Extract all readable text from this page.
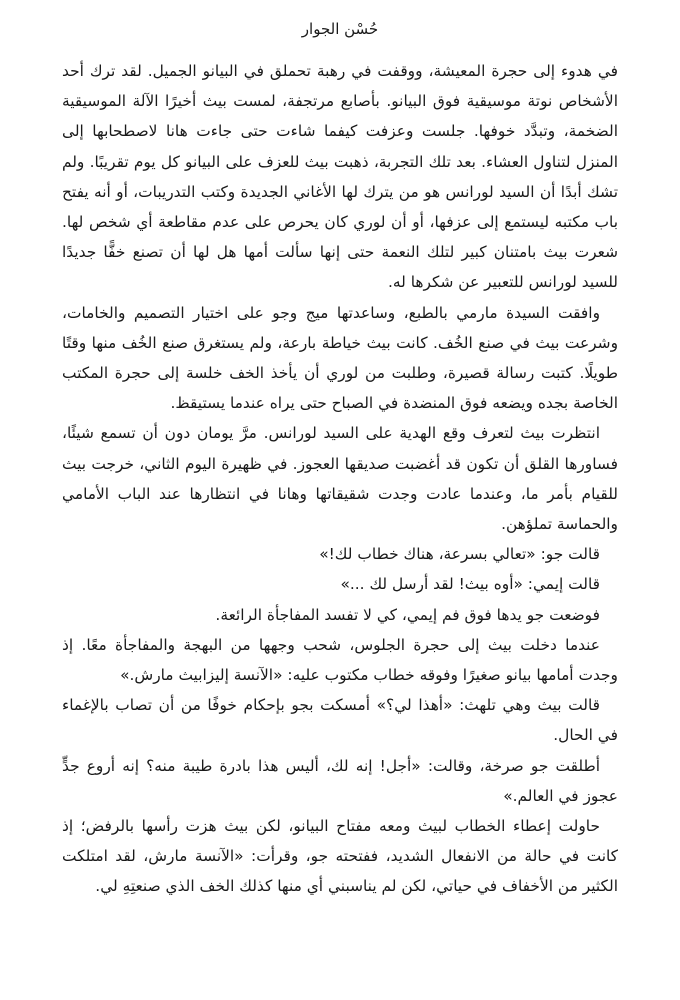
حُسْن الجوار

في هدوء إلى حجرة المعيشة، ووقفت في رهبة تحملق في البيانو الجميل. لقد ترك أحد الأشخاص نوتة موسيقية فوق البيانو. بأصابع مرتجفة، لمست بيث أخيرًا الآلة الموسيقية الضخمة، وتبدَّد خوفها. جلست وعزفت كيفما شاءت حتى جاءت هانا لاصطحابها إلى المنزل لتناول العشاء. بعد تلك التجربة، ذهبت بيث للعزف على البيانو كل يوم تقريبًا. ولم تشك أبدًا أن السيد لورانس هو من يترك لها الأغاني الجديدة وكتب التدريبات، أو أنه يفتح باب مكتبه ليستمع إلى عزفها، أو أن لوري كان يحرص على عدم مقاطعة أي شخص لها. شعرت بيث بامتنان كبير لتلك النعمة حتى إنها سألت أمها هل لها أن تصنع خفًّا جديدًا للسيد لورانس للتعبير عن شكرها له.

وافقت السيدة مارمي بالطبع، وساعدتها ميج وجو على اختيار التصميم والخامات، وشرعت بيث في صنع الخُف. كانت بيث خياطة بارعة، ولم يستغرق صنع الخُف منها وقتًا طويلًا. كتبت رسالة قصيرة، وطلبت من لوري أن يأخذ الخف خلسة إلى حجرة المكتب الخاصة بجده ويضعه فوق المنضدة في الصباح حتى يراه عندما يستيقظ.

انتظرت بيث لتعرف وقع الهدية على السيد لورانس. مرَّ يومان دون أن تسمع شيئًا، فساورها القلق أن تكون قد أغضبت صديقها العجوز. في ظهيرة اليوم الثاني، خرجت بيث للقيام بأمر ما، وعندما عادت وجدت شقيقاتها وهانا في انتظارها عند الباب الأمامي والحماسة تملؤهن.

قالت جو: «تعالي بسرعة، هناك خطاب لك!»

قالت إيمي: «أوه بيث! لقد أرسل لك ...»

فوضعت جو يدها فوق فم إيمي، كي لا تفسد المفاجأة الرائعة.

عندما دخلت بيث إلى حجرة الجلوس، شحب وجهها من البهجة والمفاجأة معًا. إذ وجدت أمامها بيانو صغيرًا وفوقه خطاب مكتوب عليه: «الآنسة إليزابيث مارش.»

قالت بيث وهي تلهث: «أهذا لي؟» أمسكت بجو بإحكام خوفًا من أن تصاب بالإغماء في الحال.

أطلقت جو صرخة، وقالت: «أجل! إنه لك، أليس هذا بادرة طيبة منه؟ إنه أروع جدٍّ عجوز في العالم.»

حاولت إعطاء الخطاب لبيث ومعه مفتاح البيانو، لكن بيث هزت رأسها بالرفض؛ إذ كانت في حالة من الانفعال الشديد، ففتحته جو، وقرأت: «الآنسة مارش، لقد امتلكت الكثير من الأخفاف في حياتي، لكن لم يناسبني أي منها كذلك الخف الذي صنعتِهِ لي.
